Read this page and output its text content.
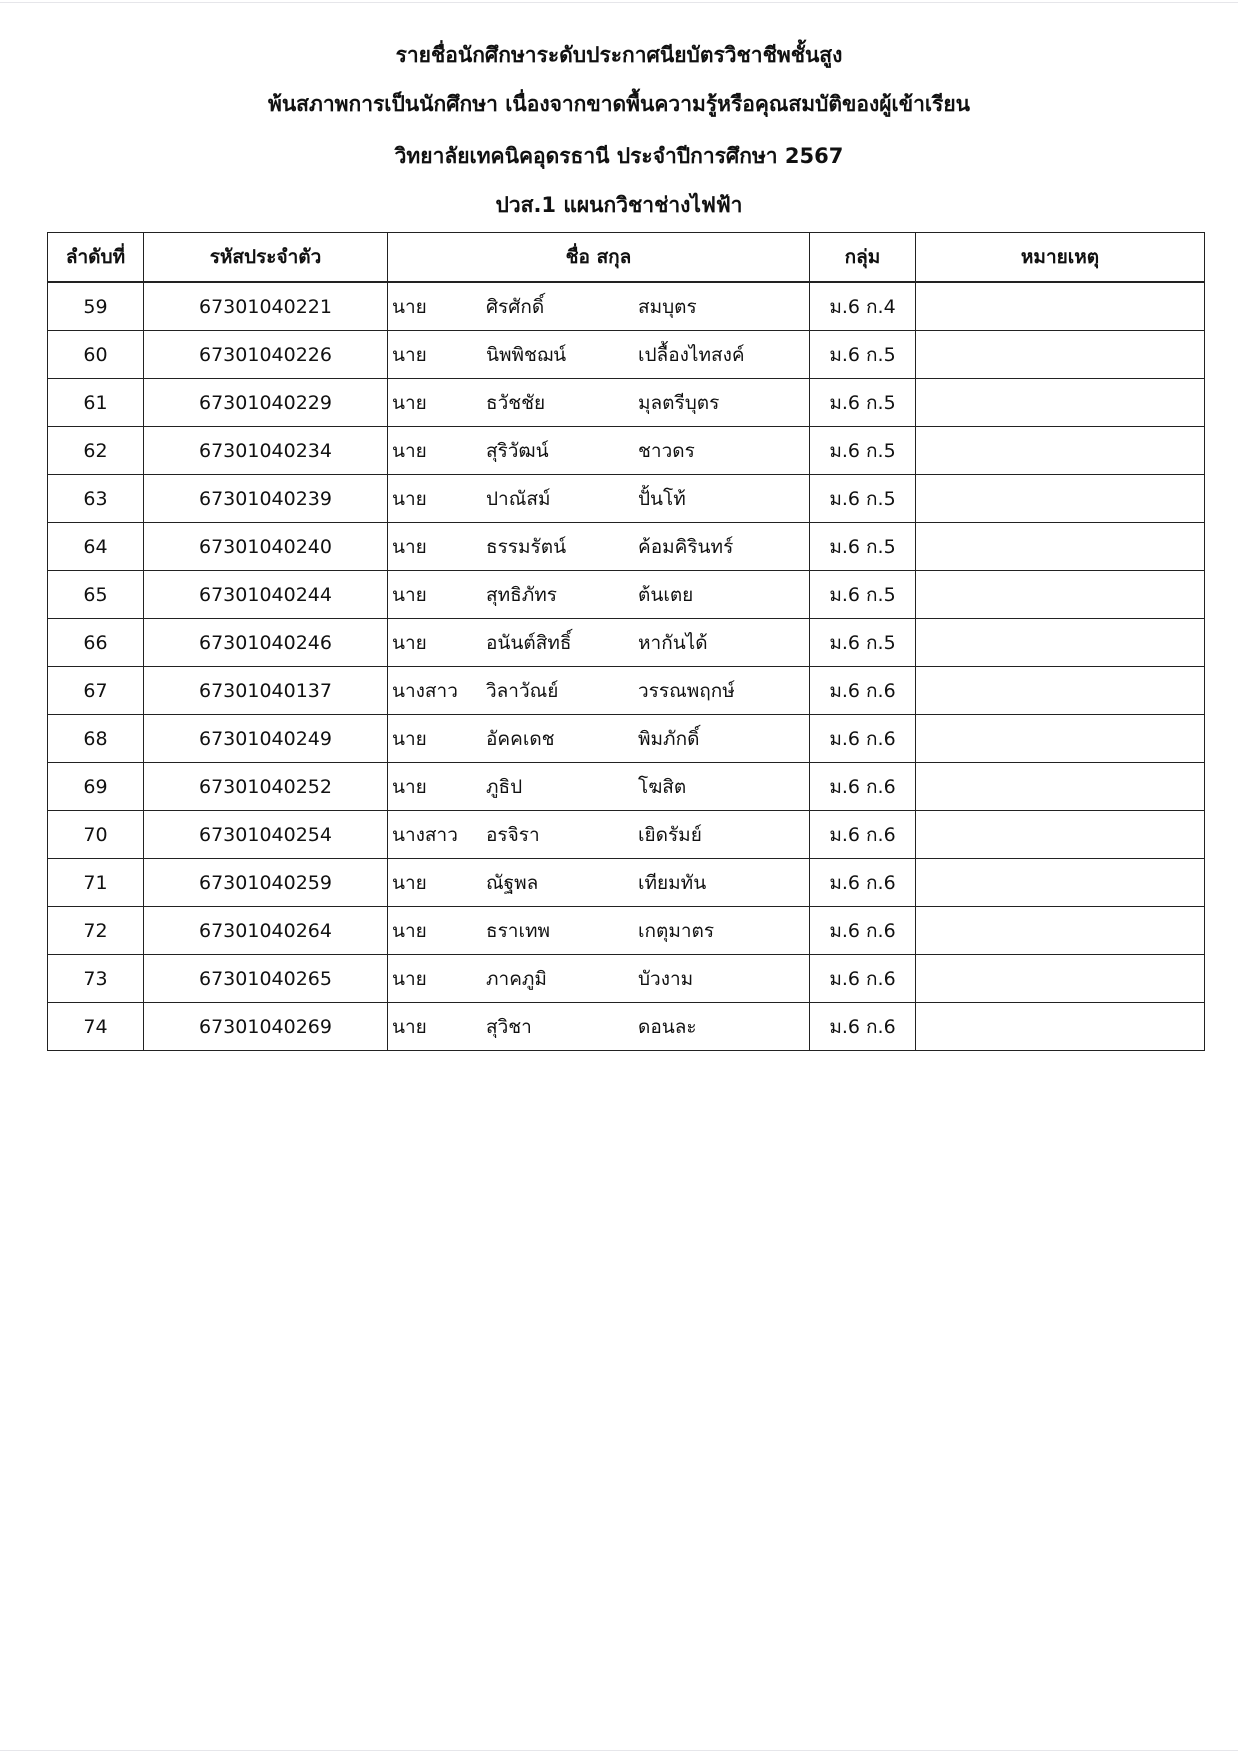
รายชื่อนักศึกษาระดับประกาศนียบัตรวิชาชีพชั้นสูง
พ้นสภาพการเป็นนักศึกษา เนื่องจากขาดพื้นความรู้หรือคุณสมบัติของผู้เข้าเรียน
วิทยาลัยเทคนิคอุดรธานี ประจำปีการศึกษา 2567
ปวส.1 แผนกวิชาช่างไฟฟ้า
ลำดับที่	รหัสประจำตัว	ชื่อ สกุล	กลุ่ม	หมายเหตุ
59	67301040221	นาย ศิรศักดิ์ สมบุตร	ม.6 ก.4	
60	67301040226	นาย นิพพิชฌน์ เปลื้องไทสงค์	ม.6 ก.5	
61	67301040229	นาย ธวัชชัย มุลตรีบุตร	ม.6 ก.5	
62	67301040234	นาย สุริวัฒน์ ชาวดร	ม.6 ก.5	
63	67301040239	นาย ปาณัสม์ ปั้นโท้	ม.6 ก.5	
64	67301040240	นาย ธรรมรัตน์ ค้อมคิรินทร์	ม.6 ก.5	
65	67301040244	นาย สุทธิภัทร ต้นเตย	ม.6 ก.5	
66	67301040246	นาย อนันต์สิทธิ์ หากันได้	ม.6 ก.5	
67	67301040137	นางสาว วิลาวัณย์ วรรณพฤกษ์	ม.6 ก.6	
68	67301040249	นาย อัคคเดช พิมภักดิ์	ม.6 ก.6	
69	67301040252	นาย ภูธิป โฆสิต	ม.6 ก.6	
70	67301040254	นางสาว อรจิรา เยิดรัมย์	ม.6 ก.6	
71	67301040259	นาย ณัฐพล เทียมทัน	ม.6 ก.6	
72	67301040264	นาย ธราเทพ เกตุมาตร	ม.6 ก.6	
73	67301040265	นาย ภาคภูมิ บัวงาม	ม.6 ก.6	
74	67301040269	นาย สุวิชา ดอนละ	ม.6 ก.6	
